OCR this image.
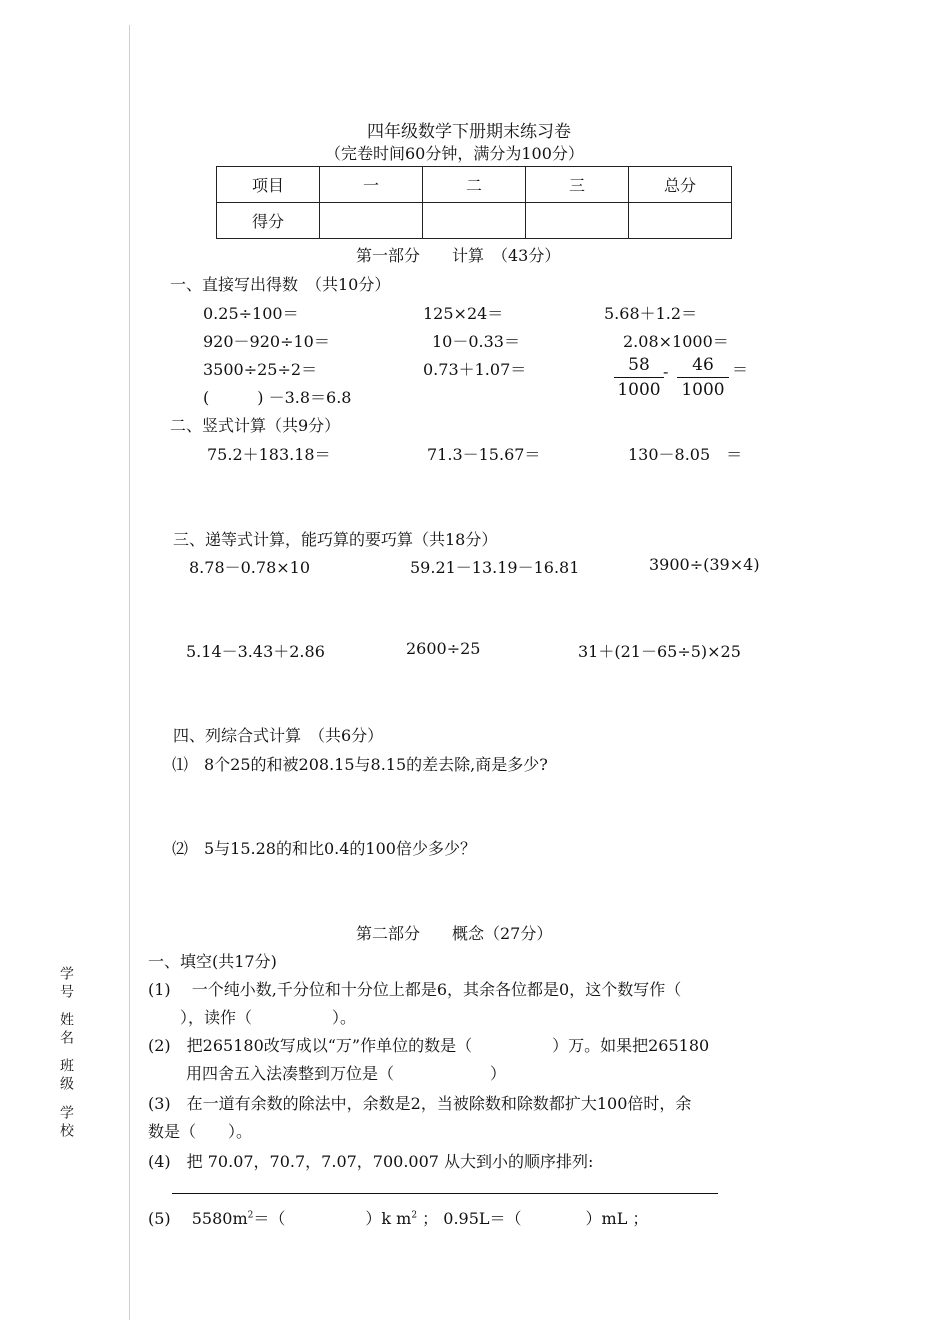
学号
姓名
班级
学校
四年级数学下册期末练习卷
（完卷时间60分钟，满分为100分）
项目	一	二	三	总分
得分				
第一部分　　计算　（43分）
一、直接写出得数　（共10分）
0.25÷100＝	125×24＝	5.68＋1.2＝
920－920÷10＝	10－0.33＝	2.08×1000＝
3500÷25÷2＝	0.73＋1.07＝
(　　　) －3.8＝6.8
58
1000
-	46
1000
＝
二、竖式计算（共9分）
75.2＋183.18＝	71.3－15.67＝	130－8.05　＝
三、递等式计算，能巧算的要巧算（共18分）
8.78－0.78×10	59.21－13.19－16.81	3900÷(39×4)
5.14－3.43＋2.86	2600÷25	31＋(21－65÷5)×25
四、列综合式计算　（共6分）
⑴　8个25的和被208.15与8.15的差去除,商是多少?
⑵　5与15.28的和比0.4的100倍少多少？
第二部分　　概念（27分）
一、填空(共17分)
(1)　 一个纯小数,千分位和十分位上都是6，其余各位都是0，这个数写作（
　　），读作（　　　　　）。
(2)　把265180改写成以“万”作单位的数是（　　　　　）万。如果把265180
用四舍五入法凑整到万位是（　　　　　　）
(3)　在一道有余数的除法中，余数是2，当被除数和除数都扩大100倍时，余
数是（　　）。
(4)　把 70.07，70.7，7.07，700.007 从大到小的顺序排列:
(5)　 $5580m^2=$（　　　　　）k $m^2$ ； 0.95L＝（　　　　）mL ；
